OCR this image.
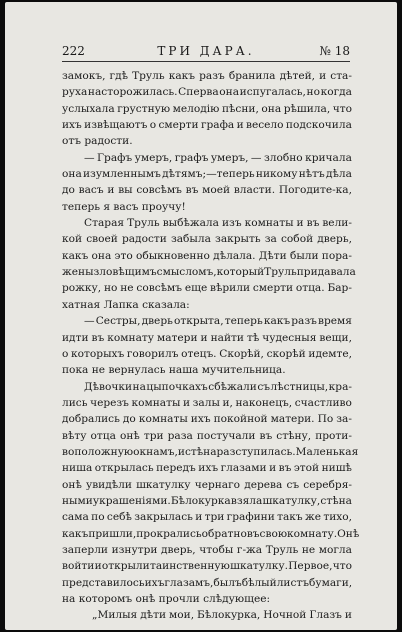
222	ТРИ ДАРА.	№ 18
замокъ, гдѣ Труль какъ разъ бранила дѣтей, и ста-
руха насторожилась. Сперва она испугалась, но когда
услыхала грустную мелодію пѣсни, она рѣшила, что
ихъ извѣщаютъ о смерти графа и весело подскочила
отъ радости.
— Графъ умеръ, графъ умеръ, — злобно кричала
она изумленнымъ дѣтямъ;—теперь никому нѣтъ дѣла
до васъ и вы совсѣмъ въ моей власти. Погодите-ка,
теперь я васъ проучу!
Старая Труль выбѣжала изъ комнаты и въ вели-
кой своей радости забыла закрыть за собой дверь,
какъ она это обыкновенно дѣлала. Дѣти были пора-
жены зловѣщимъ смысломъ, который Труль придавала
рожку, но не совсѣмъ еще вѣрили смерти отца. Бар-
хатная Лапка сказала:
— Сестры, дверь открыта, теперь какъ разъ время
идти въ комнату матери и найти тѣ чудесныя вещи,
о которыхъ говорилъ отецъ. Скорѣй, скорѣй идемте,
пока не вернулась наша мучительница.
Дѣвочки на цыпочкахъ сбѣжали съ лѣстницы, кра-
лись черезъ комнаты и залы и, наконецъ, счастливо
добрались до комнаты ихъ покойной матери. По за-
вѣту отца онѣ три раза постучали въ стѣну, проти-
воположную окнамъ, и стѣна разступилась. Маленькая
ниша открылась передъ ихъ глазами и въ этой нишѣ
онѣ увидѣли шкатулку чернаго дерева съ серебря-
ными украшеніями. Бѣлокурка взяла шкатулку, стѣна
сама по себѣ закрылась и три графини такъ же тихо,
какъ пришли, прокрались обратно въ свою комнату. Онѣ
заперли изнутри дверь, чтобы г-жа Труль не могла
войти и открыли таинственную шкатулку. Первое, что
представилось ихъ глазамъ, былъ бѣлый листъ бумаги,
на которомъ онѣ прочли слѣдующее:
„Милыя дѣти мои, Бѣлокурка, Ночной Глазъ и
